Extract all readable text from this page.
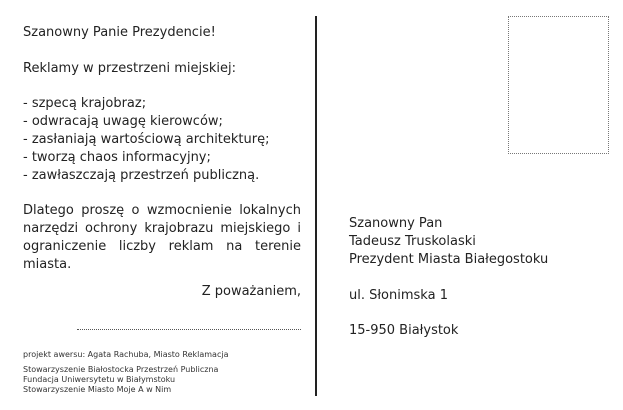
Szanowny Panie Prezydencie!

Reklamy w przestrzeni miejskiej:

- szpecą krajobraz;
- odwracają uwagę kierowców;
- zasłaniają wartościową architekturę;
- tworzą chaos informacyjny;
- zawłaszczają przestrzeń publiczną.

Dlatego proszę o wzmocnienie lokalnych narzędzi ochrony krajobrazu miejskiego i ograniczenie liczby reklam na terenie miasta.

Z poważaniem,
projekt awersu: Agata Rachuba, Miasto Reklamacja
Stowarzyszenie Białostocka Przestrzeń Publiczna
Fundacja Uniwersytetu w Białymstoku
Stowarzyszenie Miasto Moje A w Nim
Szanowny Pan
Tadeusz Truskolaski
Prezydent Miasta Białegostoku
ul. Słonimska 1
15-950 Białystok
